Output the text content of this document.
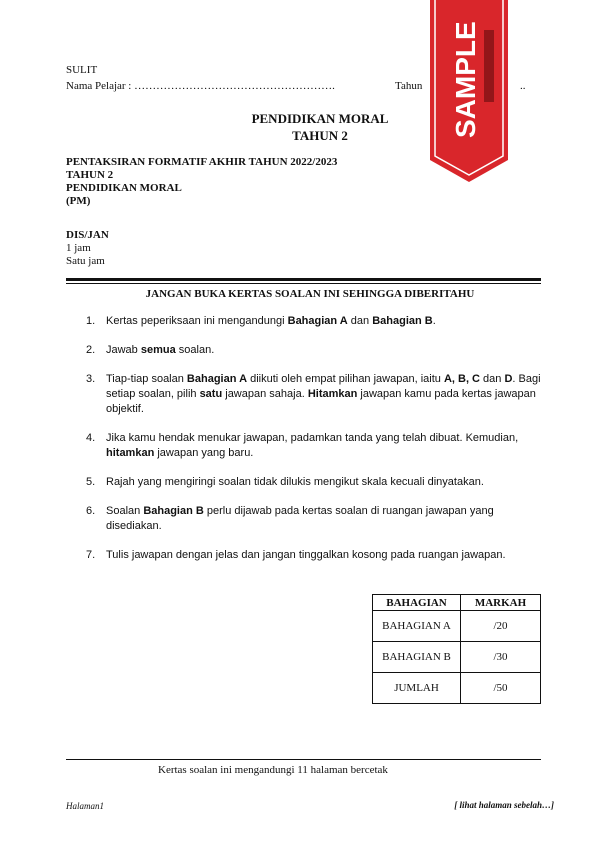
SULIT
Nama Pelajar : ……………………………………………….	Tahun	..
PENDIDIKAN MORAL
TAHUN 2
PENTAKSIRAN FORMATIF AKHIR TAHUN 2022/2023
TAHUN 2
PENDIDIKAN MORAL
(PM)
DIS/JAN
1 jam
Satu jam
JANGAN BUKA KERTAS SOALAN INI SEHINGGA DIBERITAHU
1. Kertas peperiksaan ini mengandungi Bahagian A dan Bahagian B.
2. Jawab semua soalan.
3. Tiap-tiap soalan Bahagian A diikuti oleh empat pilihan jawapan, iaitu A, B, C dan D. Bagi setiap soalan, pilih satu jawapan sahaja. Hitamkan jawapan kamu pada kertas jawapan objektif.
4. Jika kamu hendak menukar jawapan, padamkan tanda yang telah dibuat. Kemudian, hitamkan jawapan yang baru.
5. Rajah yang mengiringi soalan tidak dilukis mengikut skala kecuali dinyatakan.
6. Soalan Bahagian B perlu dijawab pada kertas soalan di ruangan jawapan yang disediakan.
7. Tulis jawapan dengan jelas dan jangan tinggalkan kosong pada ruangan jawapan.
BAHAGIAN	MARKAH
BAHAGIAN A	/20
BAHAGIAN B	/30
JUMLAH	/50
Kertas soalan ini mengandungi 11 halaman bercetak
Halaman1	[ lihat halaman sebelah…]
SAMPLE
